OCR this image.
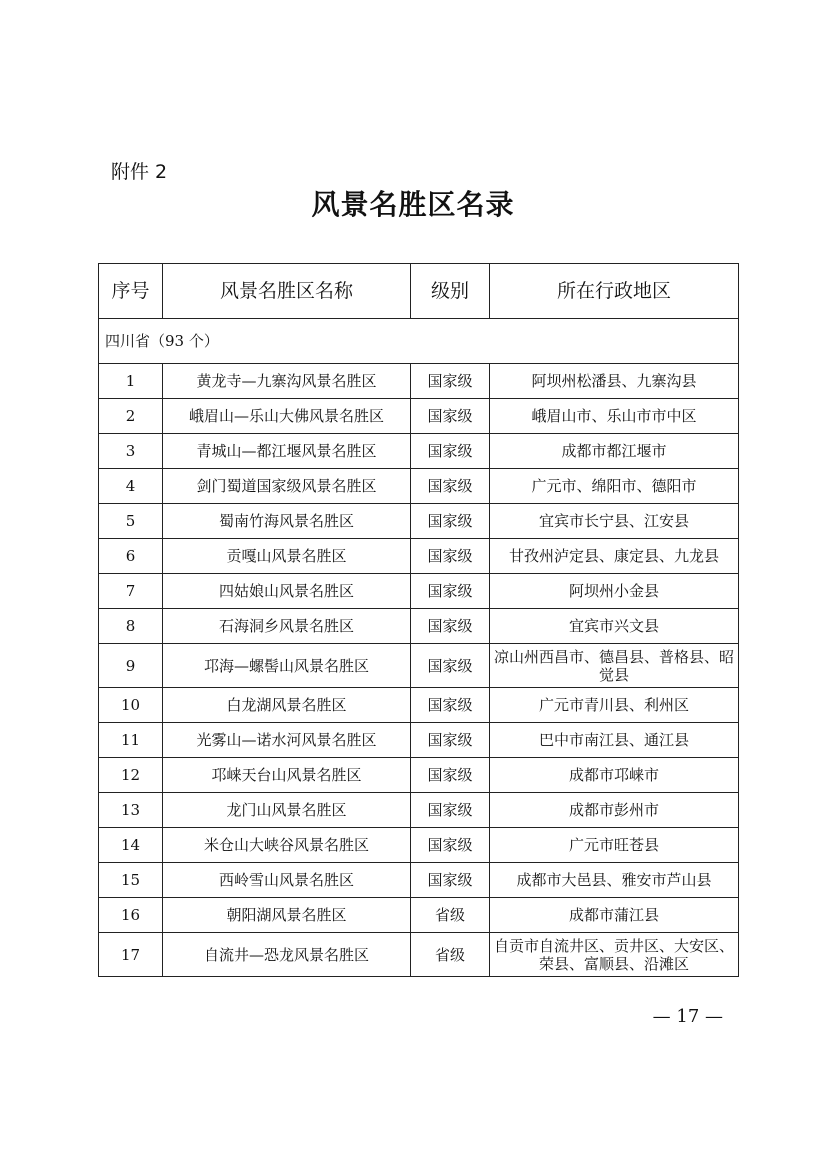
附件 2
风景名胜区名录
序号	风景名胜区名称	级别	所在行政地区
四川省（93 个）			
1	黄龙寺—九寨沟风景名胜区	国家级	阿坝州松潘县、九寨沟县
2	峨眉山—乐山大佛风景名胜区	国家级	峨眉山市、乐山市市中区
3	青城山—都江堰风景名胜区	国家级	成都市都江堰市
4	剑门蜀道国家级风景名胜区	国家级	广元市、绵阳市、德阳市
5	蜀南竹海风景名胜区	国家级	宜宾市长宁县、江安县
6	贡嘎山风景名胜区	国家级	甘孜州泸定县、康定县、九龙县
7	四姑娘山风景名胜区	国家级	阿坝州小金县
8	石海洞乡风景名胜区	国家级	宜宾市兴文县
9	邛海—螺髻山风景名胜区	国家级	凉山州西昌市、德昌县、普格县、昭觉县
10	白龙湖风景名胜区	国家级	广元市青川县、利州区
11	光雾山—诺水河风景名胜区	国家级	巴中市南江县、通江县
12	邛崃天台山风景名胜区	国家级	成都市邛崃市
13	龙门山风景名胜区	国家级	成都市彭州市
14	米仓山大峡谷风景名胜区	国家级	广元市旺苍县
15	西岭雪山风景名胜区	国家级	成都市大邑县、雅安市芦山县
16	朝阳湖风景名胜区	省级	成都市蒲江县
17	自流井—恐龙风景名胜区	省级	自贡市自流井区、贡井区、大安区、荣县、富顺县、沿滩区
— 17 —
